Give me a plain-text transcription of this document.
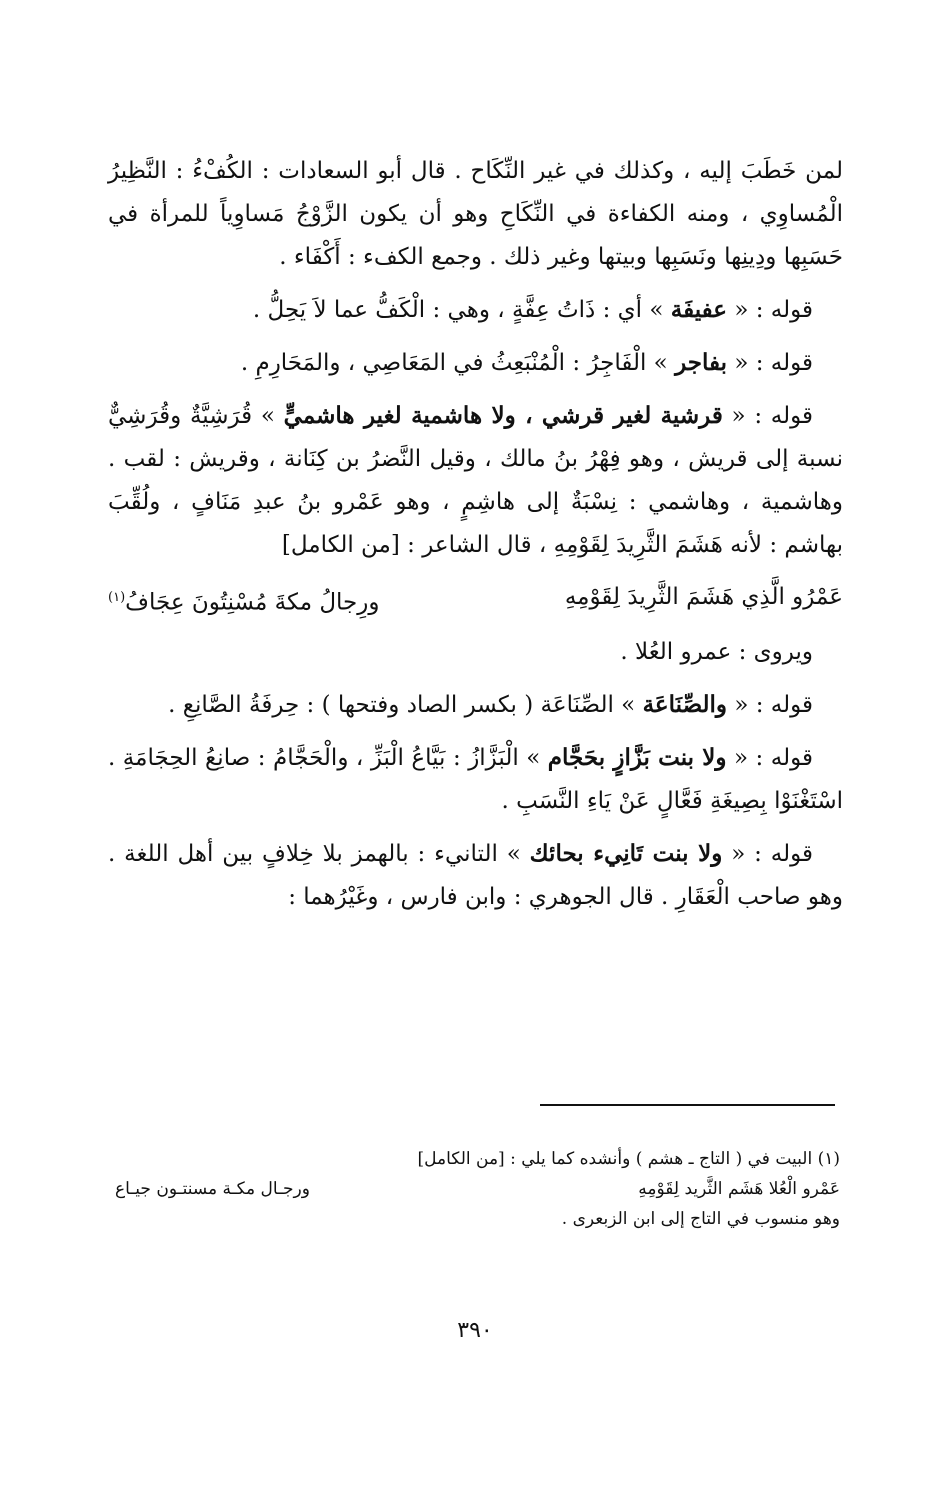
لمن خَطَبَ إليه ، وكذلك في غير النِّكَاح . قال أبو السعادات : الكُفْءُ : النَّظِيرُ الْمُساوِي ، ومنه الكفاءة في النِّكَاحِ وهو أن يكون الزَّوْجُ مَساوِياً للمرأة في حَسَبِها ودِينِها ونَسَبِها وبيتها وغير ذلك . وجمع الكفء : أَكْفَاء .

قوله : « عفيفَة » أي : ذَاتُ عِفَّةٍ ، وهي : الْكَفُّ عما لاَ يَحِلُّ .

قوله : « بفاجر » الْفَاجِرُ : الْمُنْبَعِثُ في المَعَاصِي ، والمَحَارِمِ .

قوله : « قرشية لغير قرشي ، ولا هاشمية لغير هاشميٍّ » قُرَشِيَّةٌ وقُرَشِيٌّ نسبة إلى قريش ، وهو فِهْرُ بنُ مالك ، وقيل النَّضرُ بن كِنَانة ، وقريش : لقب . وهاشمية ، وهاشمي : نِسْبَةٌ إلى هاشِمٍ ، وهو عَمْرو بنُ عبدِ مَنَافٍ ، ولُقِّبَ بهاشم : لأنه هَشَمَ الثَّرِيدَ لِقَوْمِهِ ، قال الشاعر : [من الكامل]

عَمْرُو الَّذِي هَشَمَ الثَّرِيدَ لِقَوْمِهِ
ورِجالُ مكةَ مُسْنِتُونَ عِجَافُ$^{(١)}$

ويروى : عمرو العُلا .

قوله : « والصِّنَاعَة » الصِّنَاعَة ( بكسر الصاد وفتحها ) : حِرفَةُ الصَّانِعِ .

قوله : « ولا بنت بَزَّازٍ بحَجَّام » الْبَزَّازُ : بَيَّاعُ الْبَزِّ ، والْحَجَّامُ : صانِعُ الحِجَامَةِ . اسْتَغْنَوْا بِصِيغَةِ فَعَّالٍ عَنْ يَاءِ النَّسَبِ .

قوله : « ولا بنت تَانِيء بحائك » التانيء : بالهمز بلا خِلافٍ بين أهل اللغة . وهو صاحب الْعَقَارِ . قال الجوهري : وابن فارس ، وغَيْرُهما :

(١) البيت في ( التاج ـ هشم ) وأنشده كما يلي : [من الكامل]

عَمْرو الْعُلا هَشَم الثَّريد لِقَوْمِهِ
ورجـال مكـة مسنتـون جيـاع

وهو منسوب في التاج إلى ابن الزبعرى .

٣٩٠
